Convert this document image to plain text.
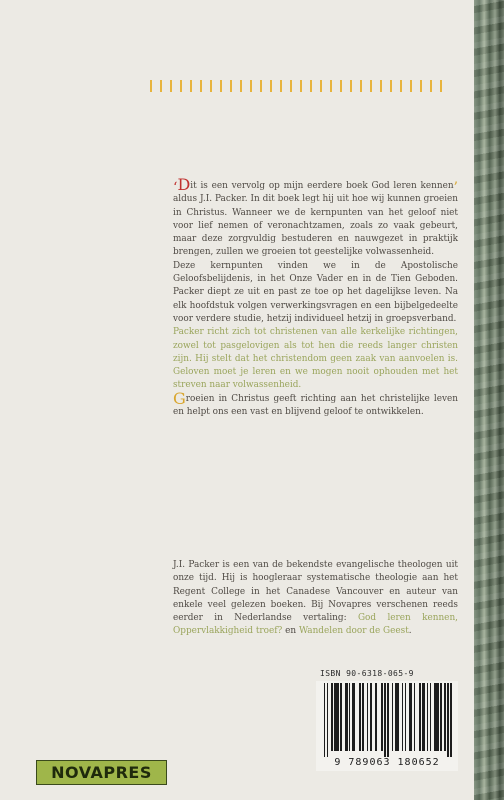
‘Dit is een vervolg op mijn eerdere boek God leren kennen’ aldus J.I. Packer. In dit boek legt hij uit hoe wij kunnen groeien in Christus. Wanneer we de kernpunten van het geloof niet voor lief nemen of veronachtzamen, zoals zo vaak gebeurt, maar deze zorgvuldig bestuderen en nauwgezet in praktijk brengen, zullen we groeien tot geestelijke volwassenheid.

Deze kernpunten vinden we in de Apostolische Geloofsbelijdenis, in het Onze Vader en in de Tien Geboden. Packer diept ze uit en past ze toe op het dagelijkse leven. Na elk hoofdstuk volgen verwerkingsvragen en een bijbelgedeelte voor verdere studie, hetzij individueel hetzij in groepsverband.

Packer richt zich tot christenen van alle kerkelijke richtingen, zowel tot pasgelovigen als tot hen die reeds langer christen zijn. Hij stelt dat het christendom geen zaak van aanvoelen is. Geloven moet je leren en we mogen nooit ophouden met het streven naar volwassenheid.

Groeien in Christus geeft richting aan het christelijke leven en helpt ons een vast en blijvend geloof te ontwikkelen.

J.I. Packer is een van de bekendste evangelische theologen uit onze tijd. Hij is hoogleraar systematische theologie aan het Regent College in het Canadese Vancouver en auteur van enkele veel gelezen boeken. Bij Novapres verschenen reeds eerder in Nederlandse vertaling: God leren kennen, Oppervlakkigheid troef? en Wandelen door de Geest.

ISBN 90-6318-065-9
9 789063 180652
NOVAPRES
